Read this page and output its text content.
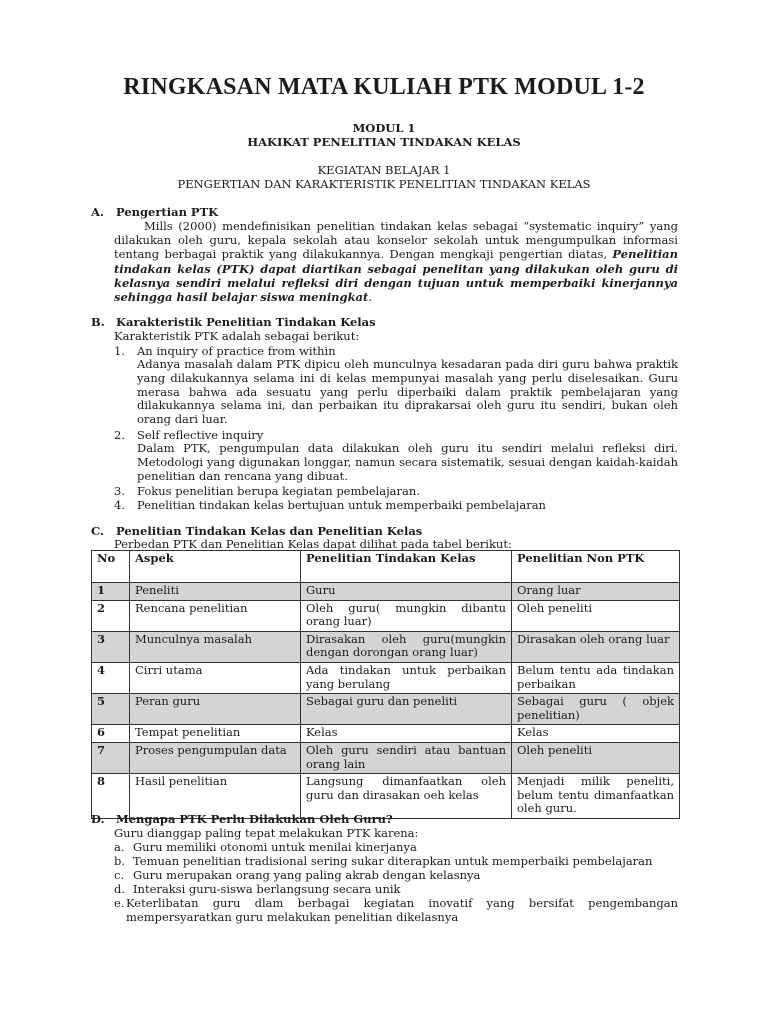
RINGKASAN MATA KULIAH PTK MODUL 1-2
MODUL 1
HAKIKAT PENELITIAN TINDAKAN KELAS
KEGIATAN BELAJAR 1
PENGERTIAN DAN KARAKTERISTIK PENELITIAN TINDAKAN KELAS
A. Pengertian PTK
Mills (2000) mendefinisikan penelitian tindakan kelas sebagai “systematic inquiry” yang dilakukan oleh guru, kepala sekolah atau konselor sekolah untuk mengumpulkan informasi tentang berbagai praktik yang dilakukannya. Dengan mengkaji pengertian diatas, Penelitian tindakan kelas (PTK) dapat diartikan sebagai penelitan yang dilakukan oleh guru di kelasnya sendiri melalui refleksi diri dengan tujuan untuk memperbaiki kinerjannya sehingga hasil belajar siswa meningkat.
B. Karakteristik Penelitian Tindakan Kelas
Karakteristik PTK adalah sebagai berikut:
1. An inquiry of practice from within
Adanya masalah dalam PTK dipicu oleh munculnya kesadaran pada diri guru bahwa praktik yang dilakukannya selama ini di kelas mempunyai masalah yang perlu diselesaikan. Guru merasa bahwa ada sesuatu yang perlu diperbaiki dalam praktik pembelajaran yang dilakukannya selama ini, dan perbaikan itu diprakarsai oleh guru itu sendiri, bukan oleh orang dari luar.
2. Self reflective inquiry
Dalam PTK, pengumpulan data dilakukan oleh guru itu sendiri melalui refleksi diri. Metodologi yang digunakan longgar, namun secara sistematik, sesuai dengan kaidah-kaidah penelitian dan rencana yang dibuat.
3. Fokus penelitian berupa kegiatan pembelajaran.
4. Penelitian tindakan kelas bertujuan untuk memperbaiki pembelajaran
C. Penelitian Tindakan Kelas dan Penelitian Kelas
Perbedan PTK dan Penelitian Kelas dapat dilihat pada tabel berikut:
No	Aspek	Penelitian Tindakan Kelas	Penelitian Non PTK
1	Peneliti	Guru	Orang luar
2	Rencana penelitian	Oleh guru( mungkin dibantu orang luar)	Oleh peneliti
3	Munculnya masalah	Dirasakan oleh guru(mungkin dengan dorongan orang luar)	Dirasakan oleh orang luar
4	Cirri utama	Ada tindakan untuk perbaikan yang berulang	Belum tentu ada tindakan perbaikan
5	Peran guru	Sebagai guru dan peneliti	Sebagai guru ( objek penelitian)
6	Tempat penelitian	Kelas	Kelas
7	Proses pengumpulan data	Oleh guru sendiri atau bantuan orang lain	Oleh peneliti
8	Hasil penelitian	Langsung dimanfaatkan oleh guru dan dirasakan oeh kelas	Menjadi milik peneliti, belum tentu dimanfaatkan oleh guru.
D. Mengapa PTK Perlu Dilakukan Oleh Guru?
Guru dianggap paling tepat melakukan PTK karena:
a. Guru memiliki otonomi untuk menilai kinerjanya
b. Temuan penelitian tradisional sering sukar diterapkan untuk memperbaiki pembelajaran
c. Guru merupakan orang yang paling akrab dengan kelasnya
d. Interaksi guru-siswa berlangsung secara unik
e. Keterlibatan guru dlam berbagai kegiatan inovatif yang bersifat pengembangan mempersyaratkan guru melakukan penelitian dikelasnya
